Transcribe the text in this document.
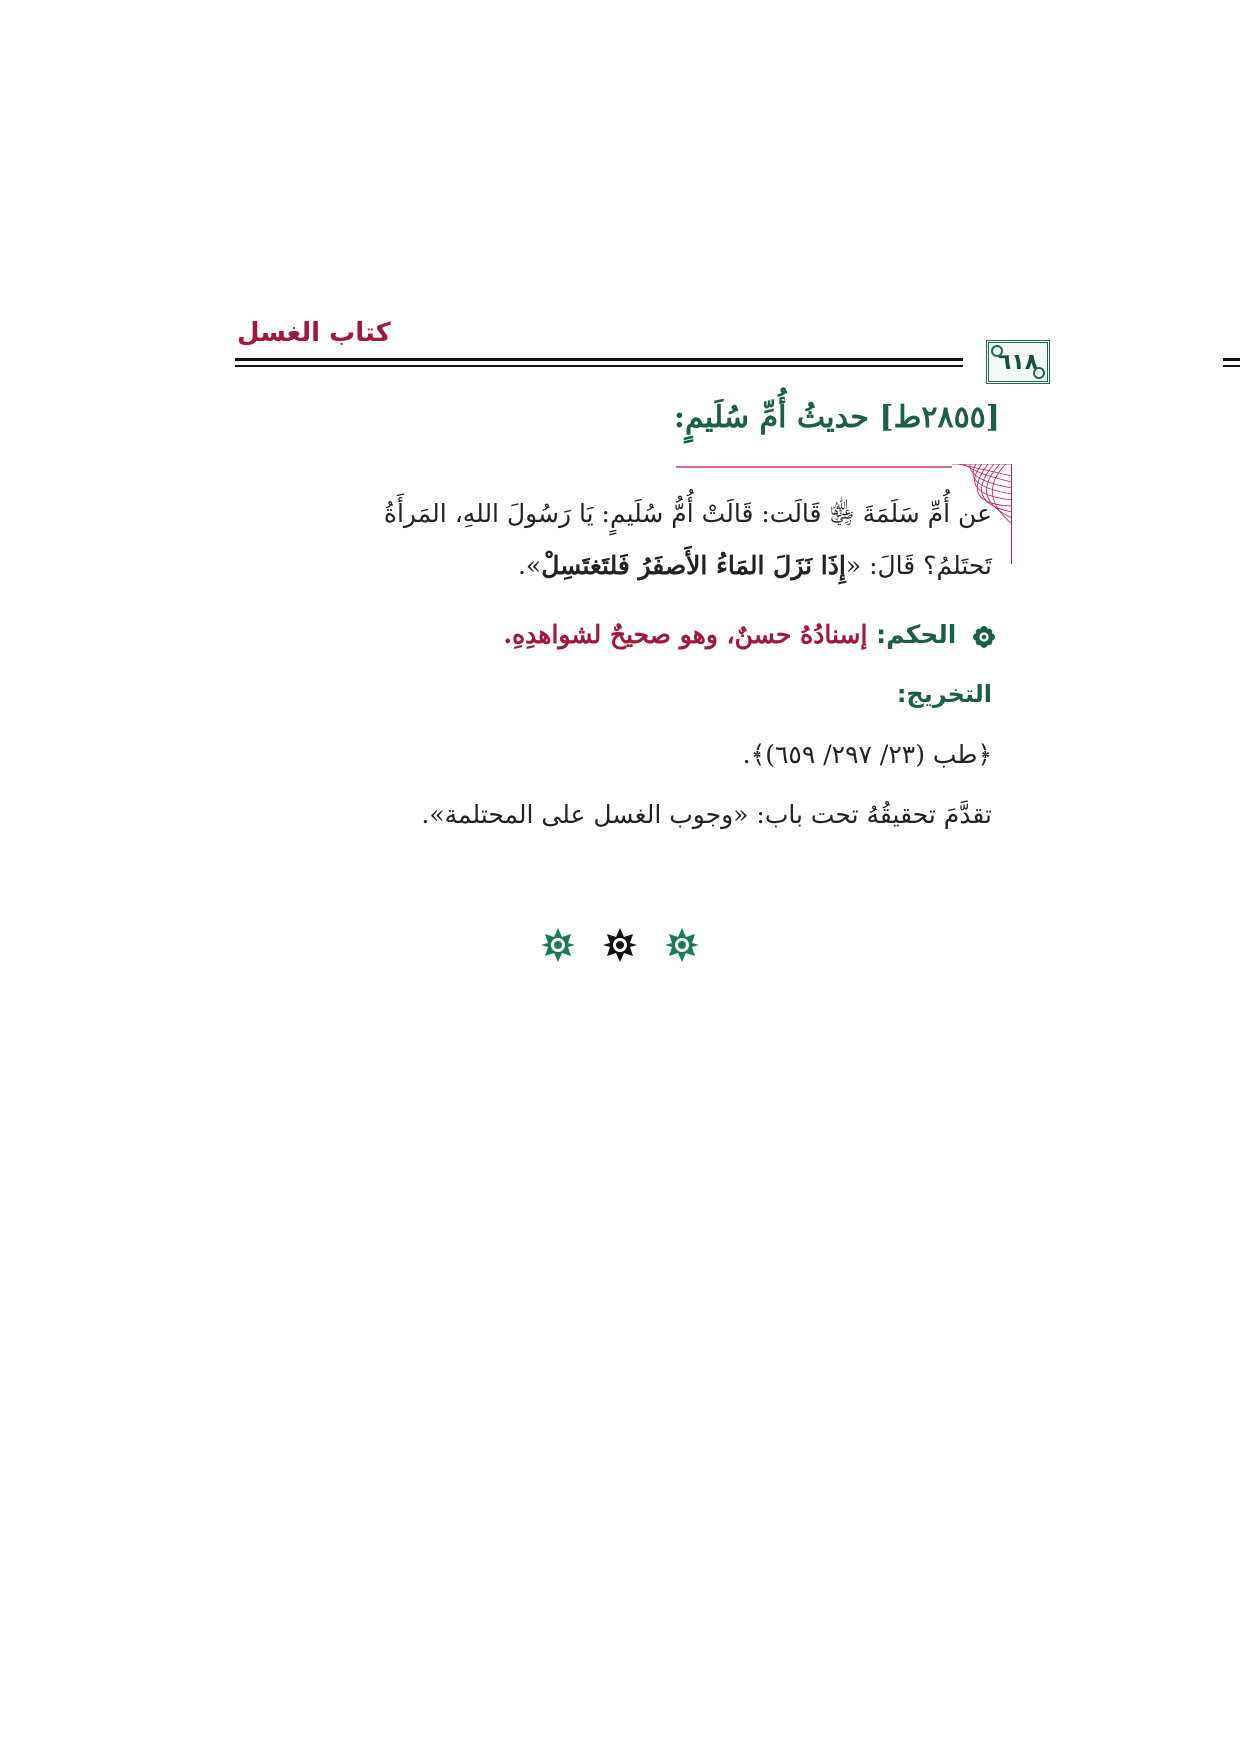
كتاب الغسل
٦١٨
[٢٨٥٥ط] حديثُ أُمِّ سُلَيمٍ:
عن أُمِّ سَلَمَةَ ﵂ قَالَت: قَالَتْ أُمُّ سُلَيمٍ: يَا رَسُولَ اللهِ، المَرأَةُ
تَحتَلمُ؟ قَالَ: «إِذَا نَزَلَ المَاءُ الأَصفَرُ فَلتَغتَسِلْ».
الحكم: إسنادُهُ حسنٌ، وهو صحيحٌ لشواهدِهِ.
التخريج:
﴿طب (٢٣/ ٢٩٧/ ٦٥٩)﴾.
تقدَّمَ تحقيقُهُ تحت باب: «وجوب الغسل على المحتلمة».
